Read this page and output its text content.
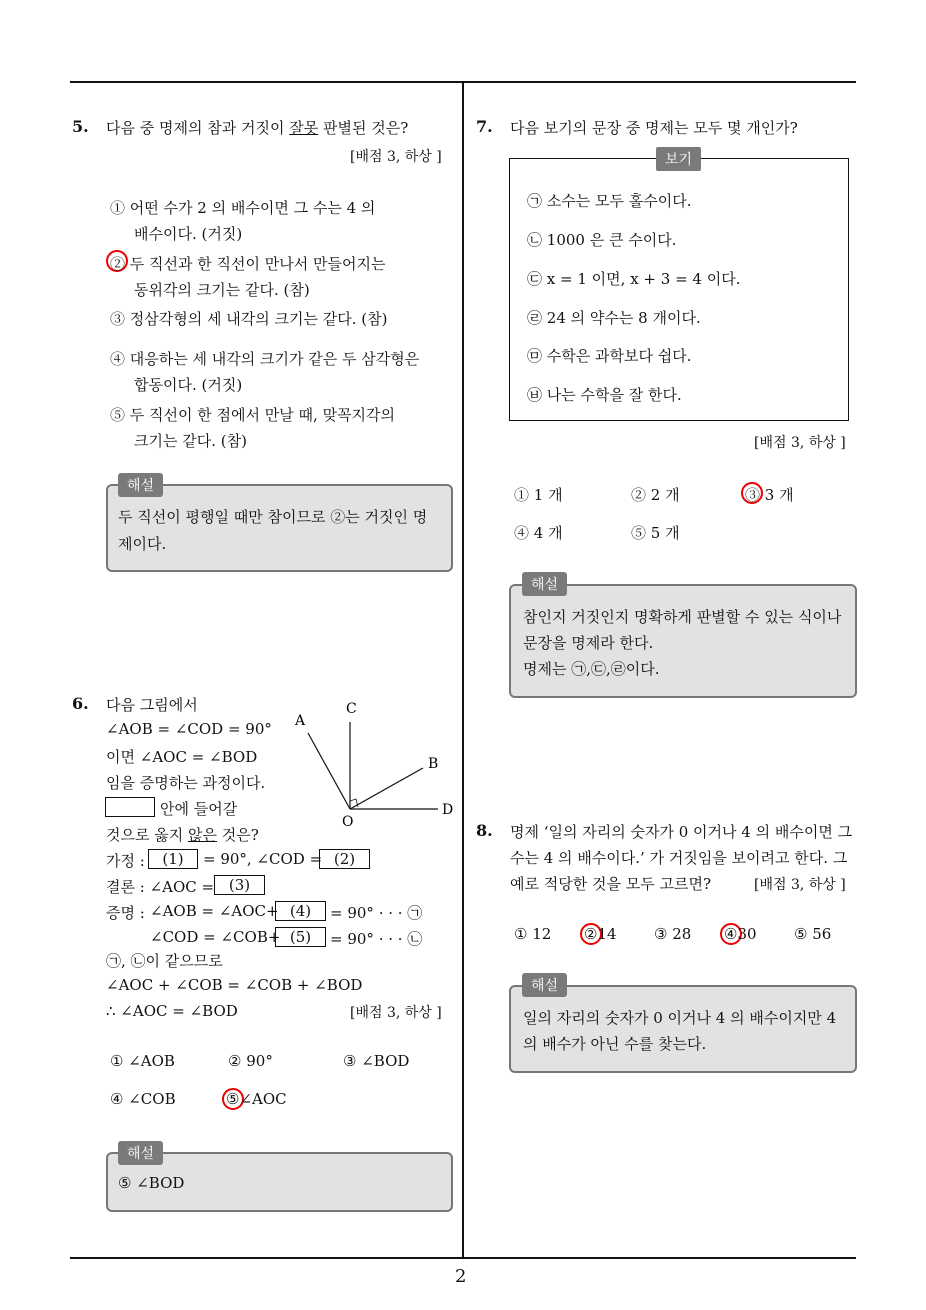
2
5. 다음 중 명제의 참과 거짓이 잘못 판별된 것은?
[배점 3, 하상 ]
① 어떤 수가 2 의 배수이면 그 수는 4 의
배수이다. (거짓)
② 두 직선과 한 직선이 만나서 만들어지는
동위각의 크기는 같다. (참)
③ 정삼각형의 세 내각의 크기는 같다. (참)
④ 대응하는 세 내각의 크기가 같은 두 삼각형은
합동이다. (거짓)
⑤ 두 직선이 한 점에서 만날 때, 맞꼭지각의
크기는 같다. (참)
두 직선이 평행일 때만 참이므로 ②는 거짓인 명
제이다.
해설
6. 다음 그림에서
∠AOB = ∠COD = 90°
이면 ∠AOC = ∠BOD
임을 증명하는 과정이다.
안에 들어갈
것으로 옳지 않은 것은?
A
C
B
D
O
가정 :	(1)	= 90°, ∠COD = (2)
결론 : ∠AOC = (3)
증명 : ∠AOB = ∠AOC+ (4)	= 90° · · · ㉠
∠COD = ∠COB+ (5)	= 90° · · · ㉡
㉠, ㉡이 같으므로
∠AOC + ∠COB = ∠COB + ∠BOD
∴ ∠AOC = ∠BOD	[배점 3, 하상 ]
① ∠AOB	② 90°	③ ∠BOD
④ ∠COB	⑤∠AOC
⑤ ∠BOD
해설
7. 다음 보기의 문장 중 명제는 모두 몇 개인가?
보기
㉠ 소수는 모두 홀수이다.
㉡ 1000 은 큰 수이다.
㉢ x = 1 이면, x + 3 = 4 이다.
㉣ 24 의 약수는 8 개이다.
㉤ 수학은 과학보다 쉽다.
㉥ 나는 수학을 잘 한다.
[배점 3, 하상 ]
① 1 개	② 2 개	③ 3 개
④ 4 개	⑤ 5 개
참인지 거짓인지 명확하게 판별할 수 있는 식이나
문장을 명제라 한다.
명제는 ㉠,㉢,㉣이다.
해설
8. 명제 ‘일의 자리의 숫자가 0 이거나 4 의 배수이면 그
수는 4 의 배수이다.’ 가 거짓임을 보이려고 한다. 그
예로 적당한 것을 모두 고르면?	[배점 3, 하상 ]
① 12 ②14 ③ 28 ④30 ⑤ 56
일의 자리의 숫자가 0 이거나 4 의 배수이지만 4
의 배수가 아닌 수를 찾는다.
해설
